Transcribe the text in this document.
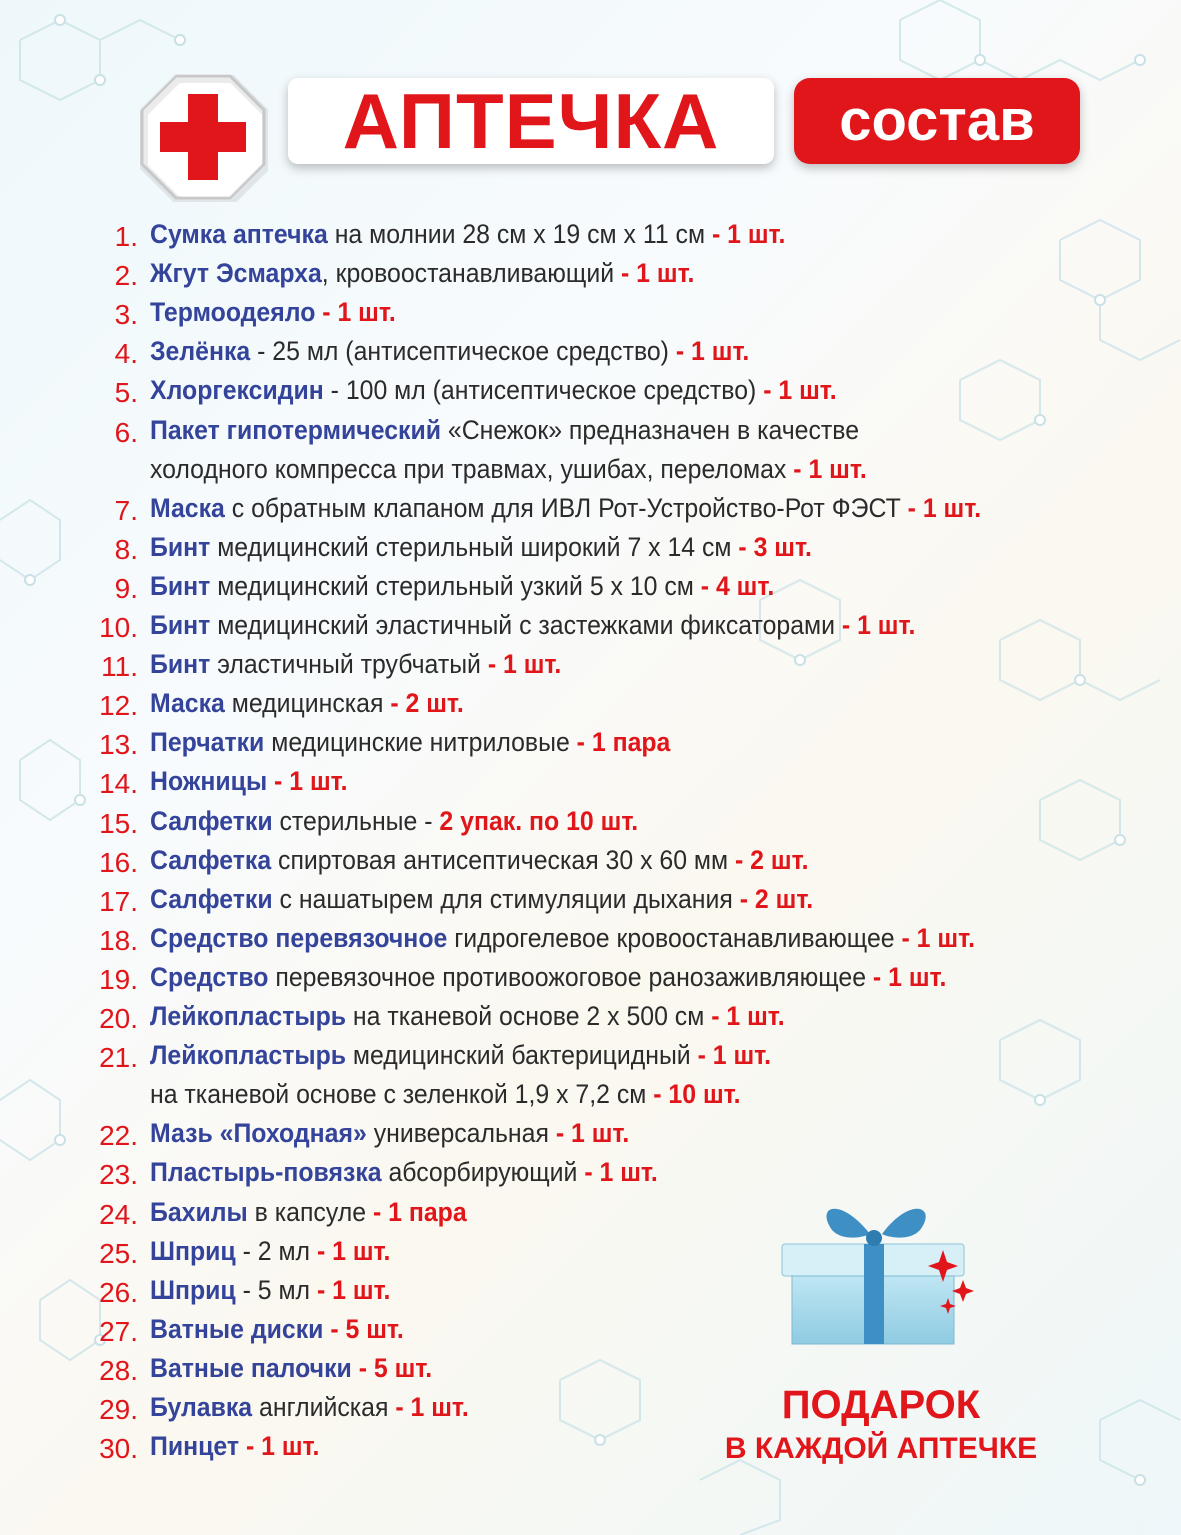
АПТЕЧКА состав
1. Сумка аптечка на молнии 28 см х 19 см х 11 см - 1 шт.
2. Жгут Эсмарха, кровоостанавливающий - 1 шт.
3. Термоодеяло - 1 шт.
4. Зелёнка - 25 мл (антисептическое средство) - 1 шт.
5. Хлоргексидин - 100 мл (антисептическое средство) - 1 шт.
6. Пакет гипотермический «Снежок» предназначен в качестве
холодного компресса при травмах, ушибах, переломах - 1 шт.
7. Маска с обратным клапаном для ИВЛ Рот-Устройство-Рот ФЭСТ - 1 шт.
8. Бинт медицинский стерильный широкий 7 х 14 см - 3 шт.
9. Бинт медицинский стерильный узкий 5 х 10 см - 4 шт.
10. Бинт медицинский эластичный с застежками фиксаторами - 1 шт.
11. Бинт эластичный трубчатый - 1 шт.
12. Маска медицинская - 2 шт.
13. Перчатки медицинские нитриловые - 1 пара
14. Ножницы - 1 шт.
15. Салфетки стерильные - 2 упак. по 10 шт.
16. Салфетка спиртовая антисептическая 30 х 60 мм - 2 шт.
17. Салфетки с нашатырем для стимуляции дыхания - 2 шт.
18. Средство перевязочное гидрогелевое кровоостанавливающее - 1 шт.
19. Средство перевязочное противоожоговое ранозаживляющее - 1 шт.
20. Лейкопластырь на тканевой основе 2 х 500 см - 1 шт.
21. Лейкопластырь медицинский бактерицидный - 1 шт.
на тканевой основе с зеленкой 1,9 х 7,2 см - 10 шт.
22. Мазь «Походная» универсальная - 1 шт.
23. Пластырь-повязка абсорбирующий - 1 шт.
24. Бахилы в капсуле - 1 пара
25. Шприц - 2 мл - 1 шт.
26. Шприц - 5 мл - 1 шт.
27. Ватные диски - 5 шт.
28. Ватные палочки - 5 шт.
29. Булавка английская - 1 шт.
30. Пинцет - 1 шт.
ПОДАРОК
В КАЖДОЙ АПТЕЧКЕ
